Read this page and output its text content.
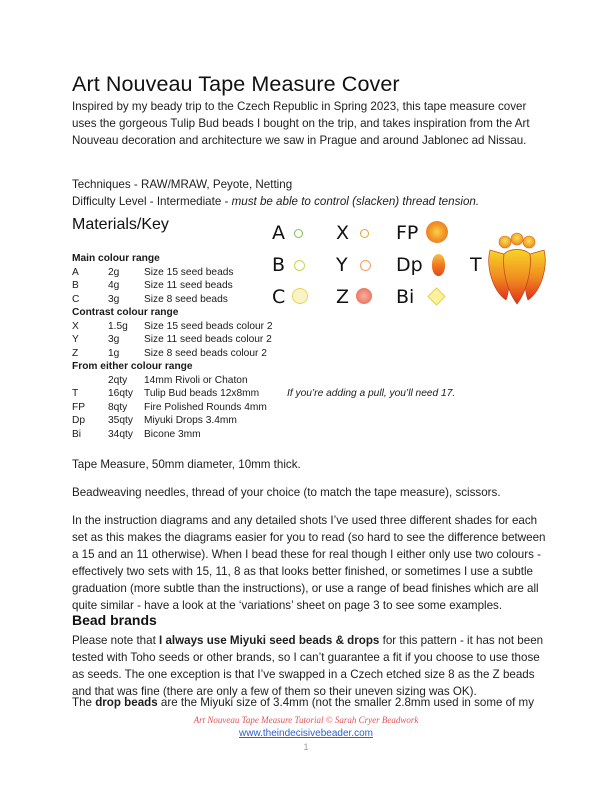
Art Nouveau Tape Measure Cover

Inspired by my beady trip to the Czech Republic in Spring 2023, this tape measure cover uses the gorgeous Tulip Bud beads I bought on the trip, and takes inspiration from the Art Nouveau decoration and architecture we saw in Prague and around Jablonec ad Nissau.

Techniques - RAW/MRAW, Peyote, Netting
Difficulty Level - Intermediate - must be able to control (slacken) thread tension.

Materials/Key
Main colour range
A	2g Size 15 seed beads
B	4g Size 11 seed beads
C	3g Size 8 seed beads
Contrast colour range
X	1.5g Size 15 seed beads colour 2
Y	3g Size 11 seed beads colour 2
Z	1g Size 8 seed beads colour 2
From either colour range
2qty 14mm Rivoli or Chaton
T	16qty Tulip Bud beads 12x8mm	If you’re adding a pull, you’ll need 17.
FP 8qty Fire Polished Rounds 4mm
Dp 35qty Miyuki Drops 3.4mm
Bi	34qty Bicone 3mm
A	X FP
B	Y	Dp T
C	Z Bi

Tape Measure, 50mm diameter, 10mm thick.

Beadweaving needles, thread of your choice (to match the tape measure), scissors.

In the instruction diagrams and any detailed shots I’ve used three different shades for each set as this makes the diagrams easier for you to read (so hard to see the difference between a 15 and an 11 otherwise). When I bead these for real though I either only use two colours - effectively two sets with 15, 11, 8 as that looks better finished, or sometimes I use a subtle graduation (more subtle than the instructions), or use a range of bead finishes which are all quite similar - have a look at the ‘variations’ sheet on page 3 to see some examples.

Bead brands

Please note that I always use Miyuki seed beads & drops for this pattern - it has not been tested with Toho seeds or other brands, so I can’t guarantee a fit if you choose to use those as seeds. The one exception is that I’ve swapped in a Czech etched size 8 as the Z beads and that was fine (there are only a few of them so their uneven sizing was OK).

The drop beads are the Miyuki size of 3.4mm (not the smaller 2.8mm used in some of my

Art Nouveau Tape Measure Tutorial © Sarah Cryer Beadwork
www.theindecisivebeader.com
1
